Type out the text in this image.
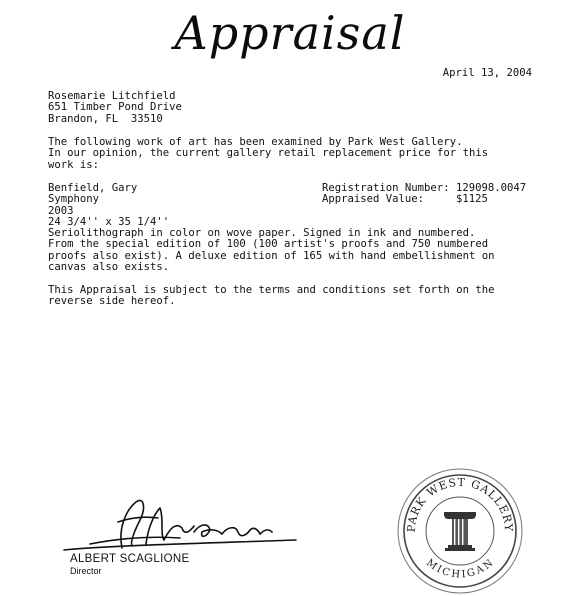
Appraisal
April 13, 2004
Rosemarie Litchfield
651 Timber Pond Drive
Brandon, FL  33510
The following work of art has been examined by Park West Gallery.
In our opinion, the current gallery retail replacement price for this
work is:
Benfield, Gary
Symphony
2003
24 3/4'' x 35 1/4''
Registration Number: 129098.0047
Appraised Value:	$1125
Seriolithograph in color on wove paper. Signed in ink and numbered.
From the special edition of 100 (100 artist's proofs and 750 numbered
proofs also exist). A deluxe edition of 165 with hand embellishment on
canvas also exists.
This Appraisal is subject to the terms and conditions set forth on the
reverse side hereof.
ALBERT SCAGLIONE
Director
PARK WEST GALLERY
MICHIGAN
